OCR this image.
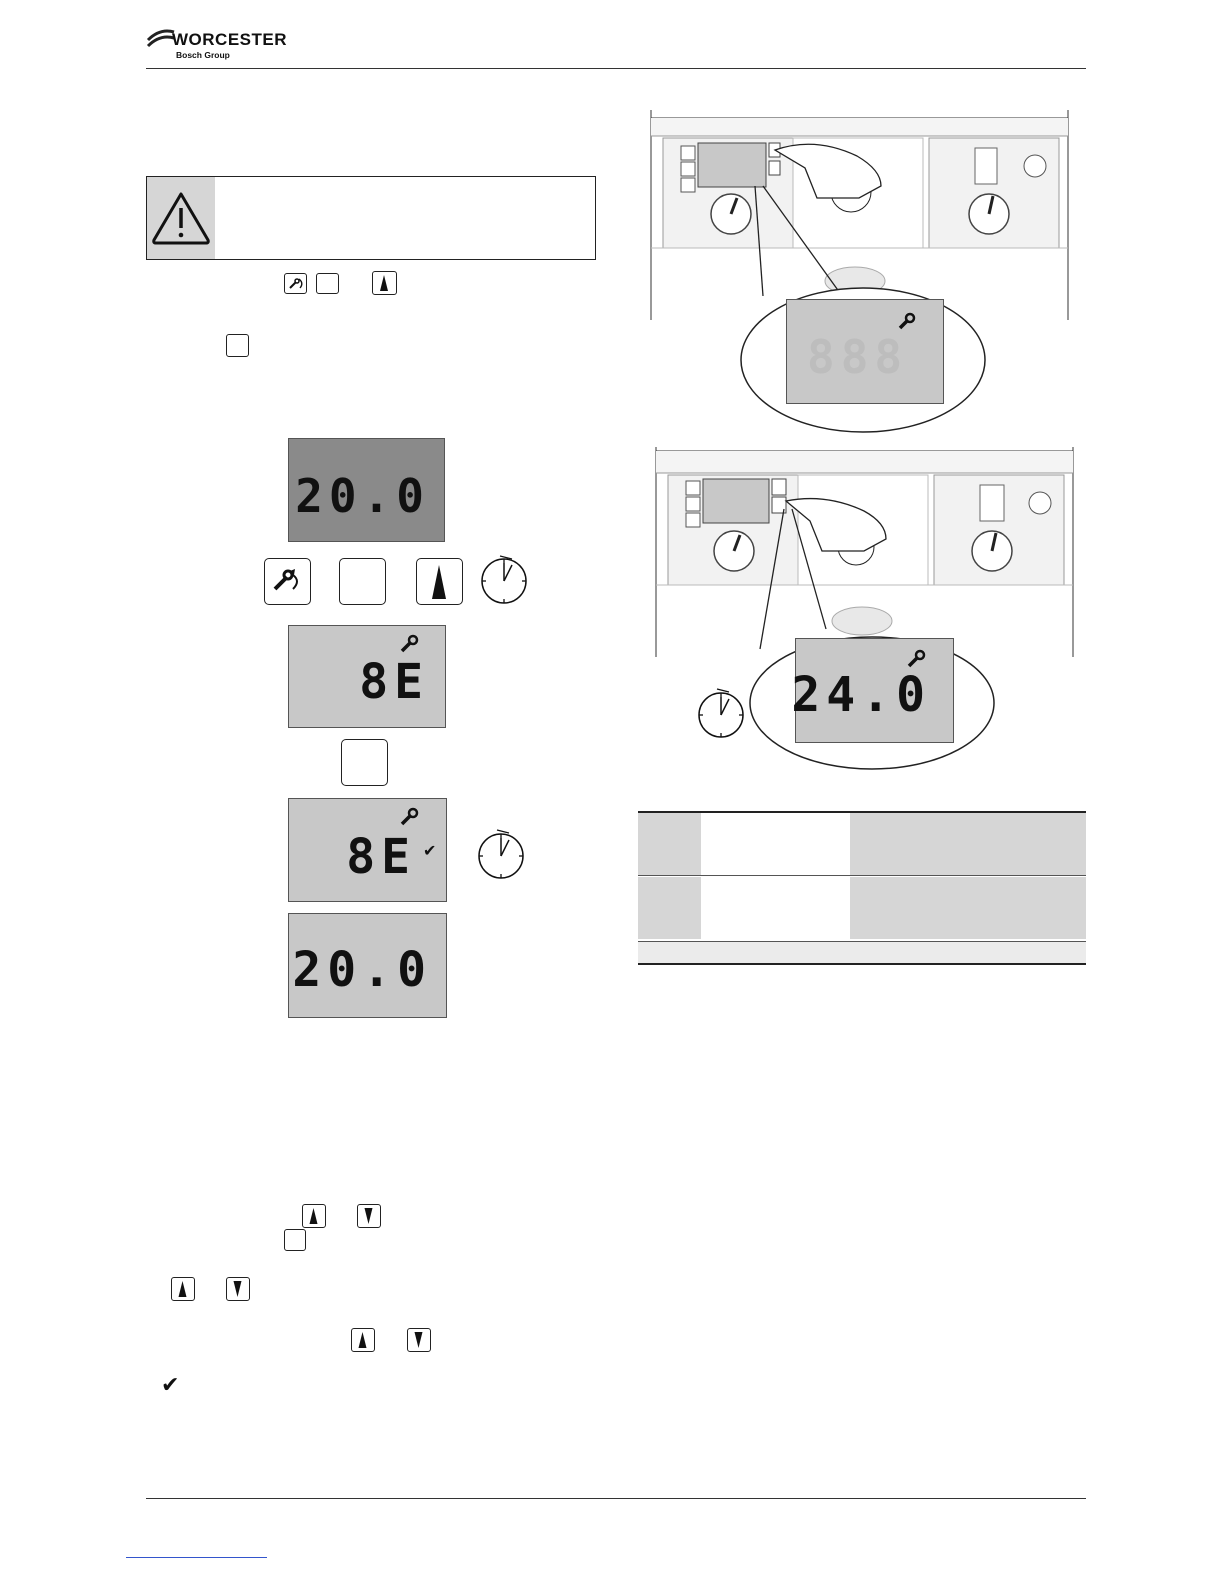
WORCESTER
Bosch Group
20.0
8E
8E ✔
20.0
✔
888
24.0
